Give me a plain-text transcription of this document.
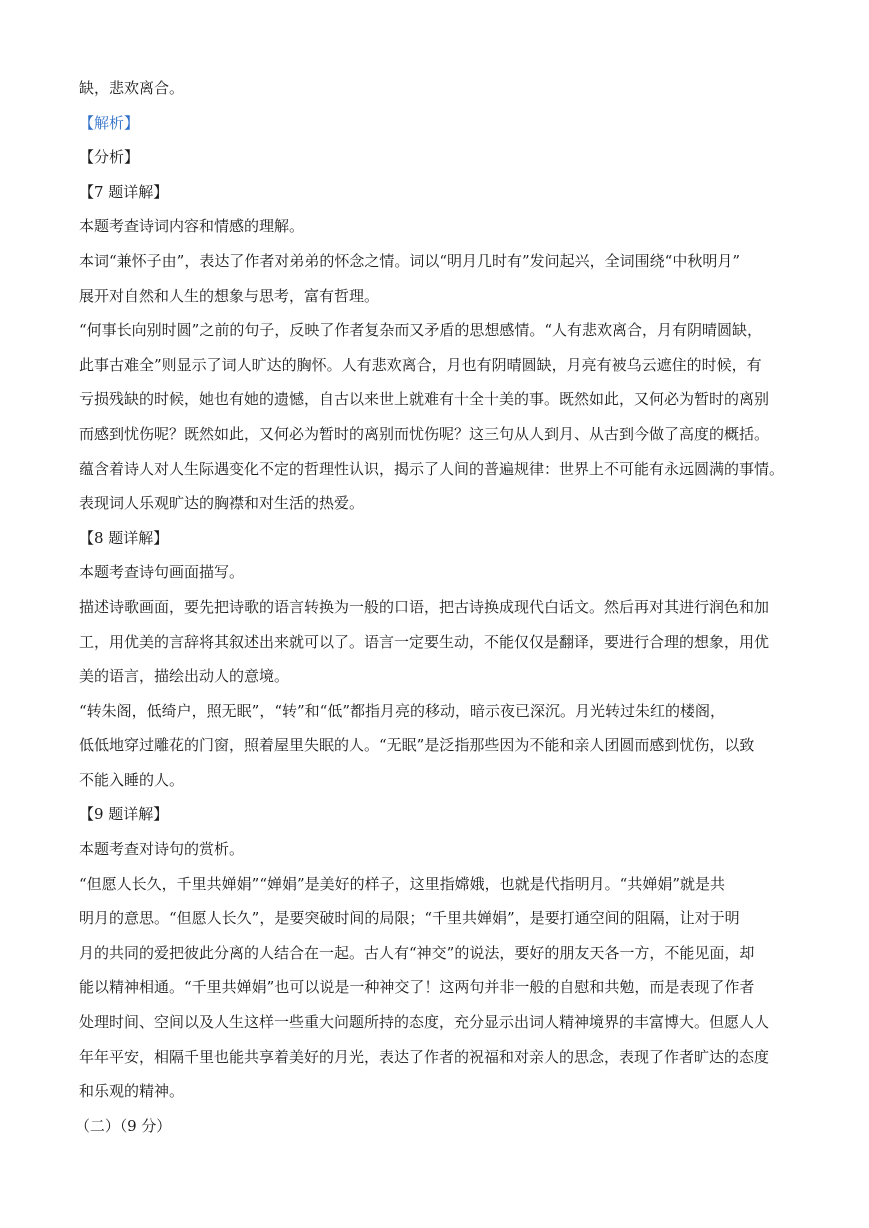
缺，悲欢离合。

【解析】

【分析】

【7 题详解】

本题考查诗词内容和情感的理解。

本词“兼怀子由”，表达了作者对弟弟的怀念之情。词以“明月几时有”发问起兴，全词围绕“中秋明月”

展开对自然和人生的想象与思考，富有哲理。

“何事长向别时圆”之前的句子，反映了作者复杂而又矛盾的思想感情。“人有悲欢离合，月有阴晴圆缺，

此事古难全”则显示了词人旷达的胸怀。人有悲欢离合，月也有阴晴圆缺，月亮有被乌云遮住的时候，有

亏损残缺的时候，她也有她的遗憾，自古以来世上就难有十全十美的事。既然如此，又何必为暂时的离别

而感到忧伤呢？既然如此，又何必为暂时的离别而忧伤呢？这三句从人到月、从古到今做了高度的概括。

蕴含着诗人对人生际遇变化不定的哲理性认识，揭示了人间的普遍规律：世界上不可能有永远圆满的事情。

表现词人乐观旷达的胸襟和对生活的热爱。

【8 题详解】

本题考查诗句画面描写。

描述诗歌画面，要先把诗歌的语言转换为一般的口语，把古诗换成现代白话文。然后再对其进行润色和加

工，用优美的言辞将其叙述出来就可以了。语言一定要生动，不能仅仅是翻译，要进行合理的想象，用优

美的语言，描绘出动人的意境。

“转朱阁，低绮户，照无眠”，“转”和“低”都指月亮的移动，暗示夜已深沉。月光转过朱红的楼阁，

低低地穿过雕花的门窗，照着屋里失眠的人。“无眠”是泛指那些因为不能和亲人团圆而感到忧伤，以致

不能入睡的人。

【9 题详解】

本题考查对诗句的赏析。

“但愿人长久，千里共婵娟”“婵娟”是美好的样子，这里指嫦娥，也就是代指明月。“共婵娟”就是共

明月的意思。“但愿人长久”，是要突破时间的局限；“千里共婵娟”，是要打通空间的阻隔，让对于明

月的共同的爱把彼此分离的人结合在一起。古人有“神交”的说法，要好的朋友天各一方，不能见面，却

能以精神相通。“千里共婵娟”也可以说是一种神交了！这两句并非一般的自慰和共勉，而是表现了作者

处理时间、空间以及人生这样一些重大问题所持的态度，充分显示出词人精神境界的丰富博大。但愿人人

年年平安，相隔千里也能共享着美好的月光，表达了作者的祝福和对亲人的思念，表现了作者旷达的态度

和乐观的精神。

（二）（9 分）
